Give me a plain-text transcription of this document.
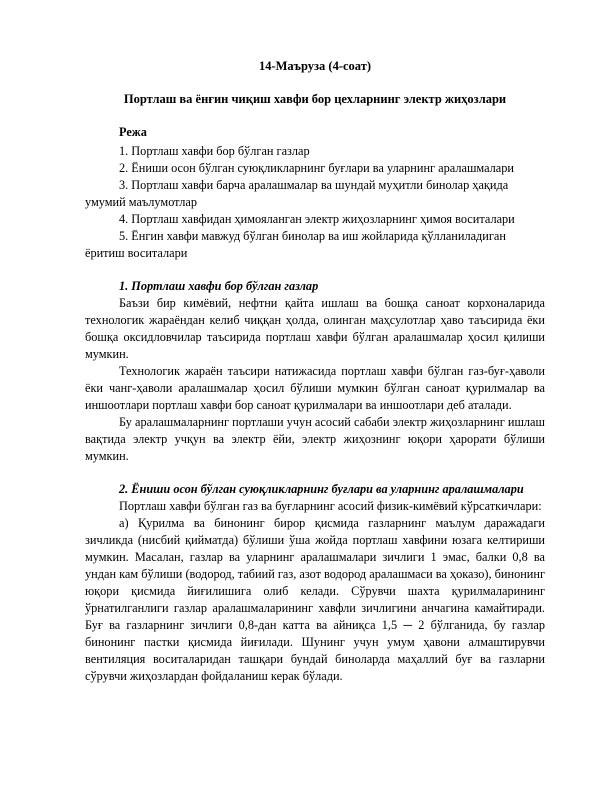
14-Маъруза (4-соат)

Портлаш ва ёнғин чиқиш хавфи бор цехларнинг электр жиҳозлари

Режа

1. Портлаш хавфи бор бўлган газлар

2. Ёниши осон бўлган суюқликларнинг буғлари ва уларнинг аралашмалари

3. Портлаш хавфи барча аралашмалар ва шундай муҳитли бинолар ҳақида умумий маълумотлар

4. Портлаш хавфидан ҳимояланган электр жиҳозларнинг ҳимоя воситалари

5. Ёнгин хавфи мавжуд бўлган бинолар ва иш жойларида қўлланиладиган ёритиш воситалари

1. Портлаш хавфи бор бўлган газлар

Баъзи бир кимёвий, нефтни қайта ишлаш ва бошқа саноат корхоналарида технологик жараёндан келиб чиққан ҳолда, олинган маҳсулотлар ҳаво таъсирида ёки бошқа оксидловчилар таъсирида портлаш хавфи бўлган аралашмалар ҳосил қилиши мумкин.

Технологик жараён таъсири натижасида портлаш хавфи бўлган газ-буғ-ҳаволи ёки чанг-ҳаволи аралашмалар ҳосил бўлиши мумкин бўлган саноат қурилмалар ва иншоотлари портлаш хавфи бор саноат қурилмалари ва иншоотлари деб аталади.

Бу аралашмаларнинг портлаши учун асосий сабаби электр жиҳозларнинг ишлаш вақтида электр учқун ва электр ёйи, электр жиҳознинг юқори ҳарорати бўлиши мумкин.

2. Ёниши осон бўлган суюқликларнинг буғлари ва уларнинг аралашмалари

Портлаш хавфи бўлган газ ва буғларнинг асосий физик-кимёвий кўрсаткичлари:

а) Қурилма ва бинонинг бирор қисмида газларнинг маълум даражадаги зичликда (нисбий қийматда) бўлиши ўша жойда портлаш хавфини юзага келтириши мумкин. Масалан, газлар ва уларнинг аралашмалари зичлиги 1 эмас, балки 0,8 ва ундан кам бўлиши (водород, табиий газ, азот водород аралашмаси ва ҳоказо), бинонинг юқори қисмида йиғилишига олиб келади. Сўрувчи шахта қурилмаларининг ўрнатилганлиги газлар аралашмаларининг хавфли зичлигини анчагина камайтиради. Буғ ва газларнинг зичлиги 0,8-дан катта ва айниқса 1,5 ─ 2 бўлганида, бу газлар бинонинг пастки қисмида йиғилади. Шунинг учун умум ҳавони алмаштирувчи вентиляция воситаларидан ташқари бундай биноларда маҳаллий буғ ва газларни сўрувчи жиҳозлардан фойдаланиш керак бўлади.
